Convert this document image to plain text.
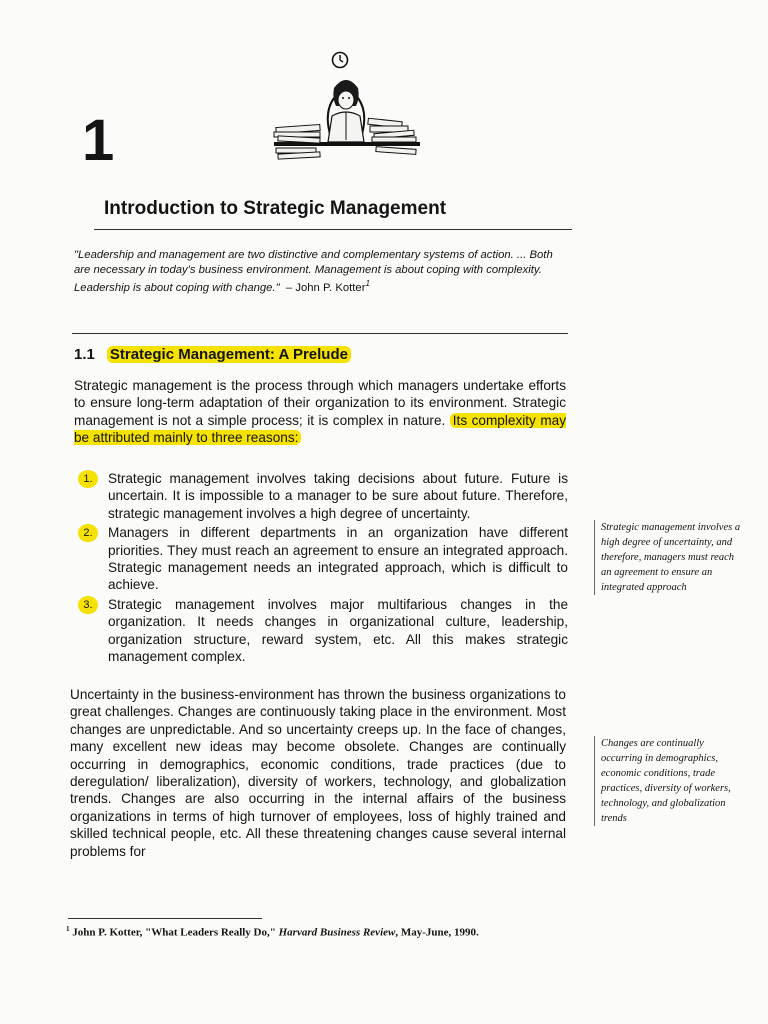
1
Introduction to Strategic Management

"Leadership and management are two distinctive and complementary systems of action. ... Both are necessary in today's business environment. Management is about coping with complexity. Leadership is about coping with change." – John P. Kotter$^1$

1.1 Strategic Management: A Prelude

Strategic management is the process through which managers undertake efforts to ensure long-term adaptation of their organization to its environment. Strategic management is not a simple process; it is complex in nature. Its complexity may be attributed mainly to three reasons:

1.	Strategic management involves taking decisions about future. Future is uncertain. It is impossible to a manager to be sure about future. Therefore, strategic management involves a high degree of uncertainty.
2.	Managers in different departments in an organization have different priorities. They must reach an agreement to ensure an integrated approach. Strategic management needs an integrated approach, which is difficult to achieve.
3.	Strategic management involves major multifarious changes in the organization. It needs changes in organizational culture, leadership, organization structure, reward system, etc. All this makes strategic management complex.

Uncertainty in the business-environment has thrown the business organizations to great challenges. Changes are continuously taking place in the environment. Most changes are unpredictable. And so uncertainty creeps up. In the face of changes, many excellent new ideas may become obsolete. Changes are continually occurring in demographics, economic conditions, trade practices (due to deregulation/ liberalization), diversity of workers, technology, and globalization trends. Changes are also occurring in the internal affairs of the business organizations in terms of high turnover of employees, loss of highly trained and skilled technical people, etc. All these threatening changes cause several internal problems for

Strategic management involves a high degree of uncertainty, and therefore, managers must reach an agreement to ensure an integrated approach

Changes are continually occurring in demographics, economic conditions, trade practices, diversity of workers, technology, and globalization trends

$^1$ John P. Kotter, "What Leaders Really Do," Harvard Business Review, May-June, 1990.
